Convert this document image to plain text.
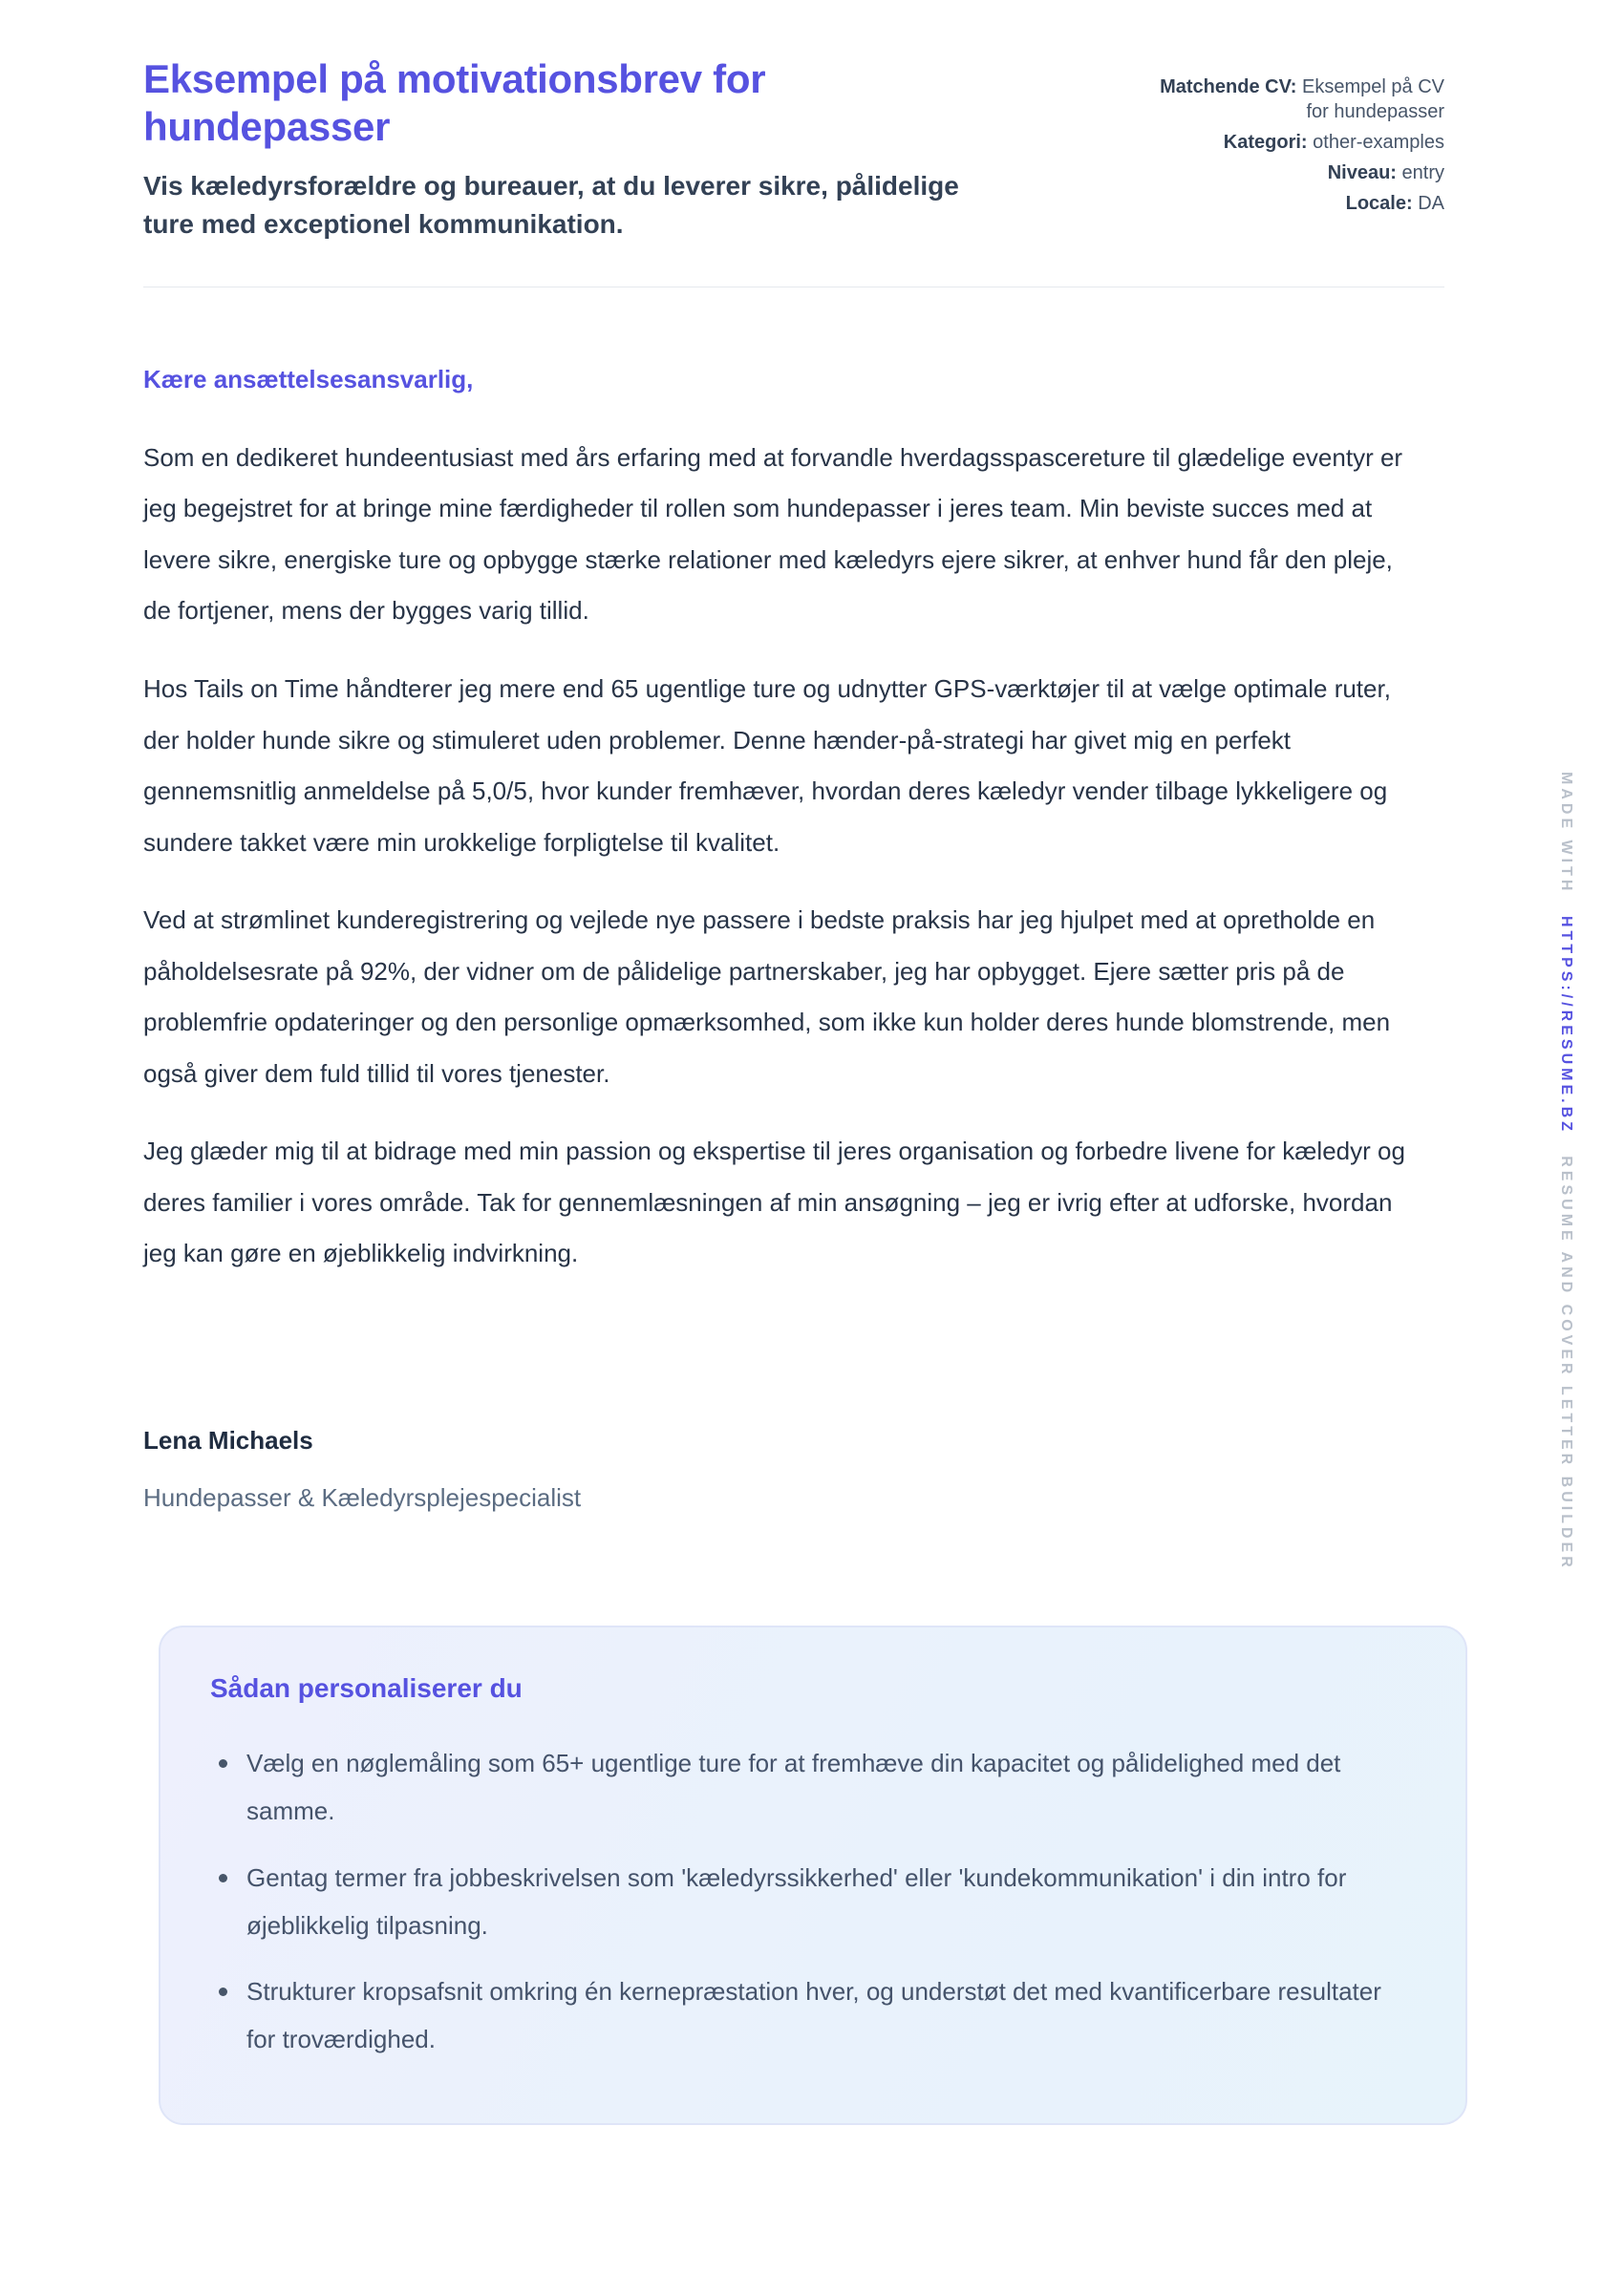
Eksempel på motivationsbrev for hundepasser
Vis kæledyrsforældre og bureauer, at du leverer sikre, pålidelige ture med exceptionel kommunikation.
Matchende CV: Eksempel på CV for hundepasser
Kategori: other-examples
Niveau: entry
Locale: DA

Kære ansættelsesansvarlig,

Som en dedikeret hundeentusiast med års erfaring med at forvandle hverdagsspascereture til glædelige eventyr er jeg begejstret for at bringe mine færdigheder til rollen som hundepasser i jeres team. Min beviste succes med at levere sikre, energiske ture og opbygge stærke relationer med kæledyrs ejere sikrer, at enhver hund får den pleje, de fortjener, mens der bygges varig tillid.

Hos Tails on Time håndterer jeg mere end 65 ugentlige ture og udnytter GPS-værktøjer til at vælge optimale ruter, der holder hunde sikre og stimuleret uden problemer. Denne hænder-på-strategi har givet mig en perfekt gennemsnitlig anmeldelse på 5,0/5, hvor kunder fremhæver, hvordan deres kæledyr vender tilbage lykkeligere og sundere takket være min urokkelige forpligtelse til kvalitet.

Ved at strømlinet kunderegistrering og vejlede nye passere i bedste praksis har jeg hjulpet med at opretholde en påholdelsesrate på 92%, der vidner om de pålidelige partnerskaber, jeg har opbygget. Ejere sætter pris på de problemfrie opdateringer og den personlige opmærksomhed, som ikke kun holder deres hunde blomstrende, men også giver dem fuld tillid til vores tjenester.

Jeg glæder mig til at bidrage med min passion og ekspertise til jeres organisation og forbedre livene for kæledyr og deres familier i vores område. Tak for gennemlæsningen af min ansøgning – jeg er ivrig efter at udforske, hvordan jeg kan gøre en øjeblikkelig indvirkning.

Lena Michaels
Hundepasser & Kæledyrsplejespecialist
Sådan personaliserer du
Vælg en nøglemåling som 65+ ugentlige ture for at fremhæve din kapacitet og pålidelighed med det samme.
Gentag termer fra jobbeskrivelsen som 'kæledyrssikkerhed' eller 'kundekommunikation' i din intro for øjeblikkelig tilpasning.
Strukturer kropsafsnit omkring én kernepræstation hver, og understøt det med kvantificerbare resultater for troværdighed.
MADE WITH HTTPS://RESUME.BZ RESUME AND COVER LETTER BUILDER
